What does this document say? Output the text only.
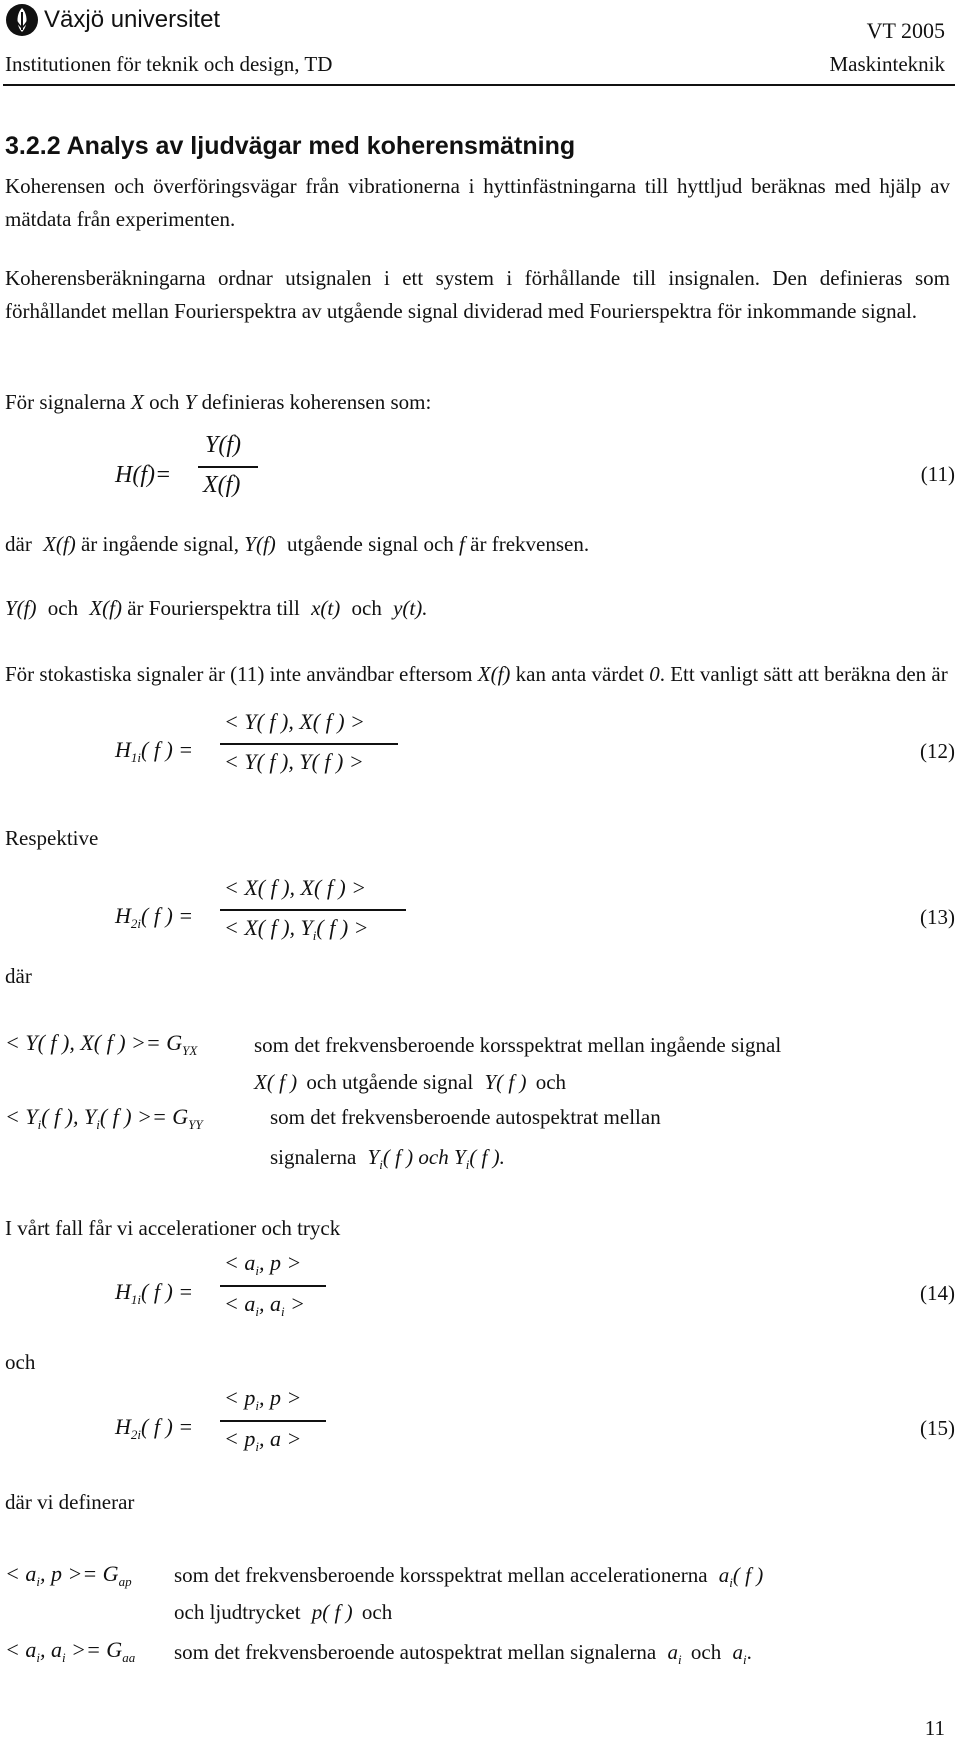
Växjö universitet	VT 2005
Institutionen för teknik och design, TD	Maskinteknik
3.2.2 Analys av ljudvägar med koherensmätning
Koherensen och överföringsvägar från vibrationerna i hyttinfästningarna till hyttljud beräknas med hjälp av mätdata från experimenten.
Koherensberäkningarna ordnar utsignalen i ett system i förhållande till insignalen. Den definieras som förhållandet mellan Fourierspektra av utgående signal dividerad med Fourierspektra för inkommande signal.
För signalerna X och Y definieras koherensen som:
H(f)=
Y(f)
X(f)	(11)
där X(f) är ingående signal, Y(f) utgående signal och f är frekvensen.
Y(f) och X(f) är Fourierspektra till x(t) och y(t).
För stokastiska signaler är (11) inte användbar eftersom X(f) kan anta värdet 0. Ett vanligt sätt att beräkna den är
$H_{1i}$( f ) =
< Y( f ), X( f ) >
< Y( f ), Y( f ) >	(12)
Respektive
$H_{2i}$( f ) =
< X( f ), X( f ) >
< X( f ), $Y_i$( f ) >	(13)
där
< Y( f ), X( f ) >= $G_{YX}$	som det frekvensberoende korsspektrat mellan ingående signal
X( f ) och utgående signal Y( f ) och
< $Y_i$( f ), $Y_i$( f ) >= $G_{YY}$	som det frekvensberoende autospektrat mellan
signalerna $Y_i$( f ) och $Y_i$( f ).
I vårt fall får vi accelerationer och tryck
$H_{1i}$( f ) =
< $a_i$, p >
< $a_i$, $a_i$ >	(14)
och
$H_{2i}$( f ) =
< $p_i$, p >
< $p_i$, a >	(15)
där vi definerar
< $a_i$, $p >= G_{ap}$ som det frekvensberoende korsspektrat mellan accelerationerna $a_i$( f )
och ljudtrycket p( f ) och
< $a_i$, $a_i >= G_{aa}$ som det frekvensberoende autospektrat mellan signalerna $a_i$ och $a_i$.
11
